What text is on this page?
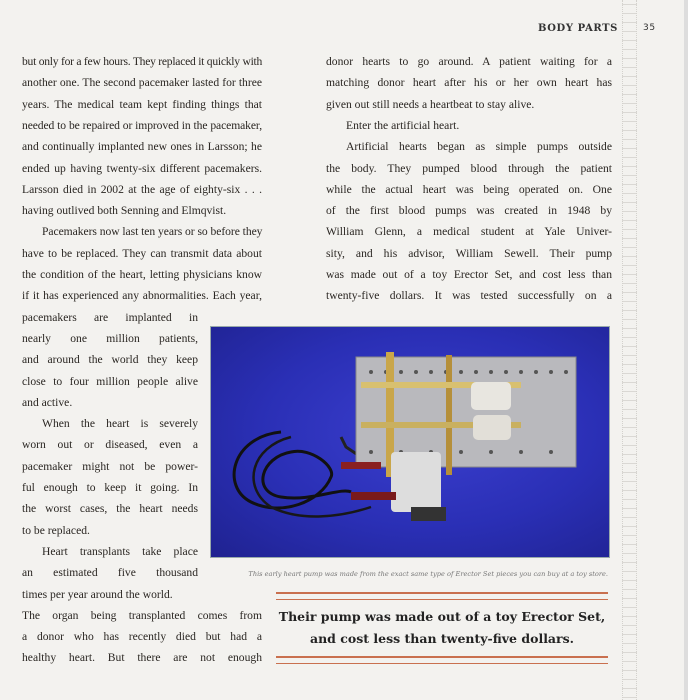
BODY PARTS	35
but only for a few hours. They replaced it quickly with
another one. The second pacemaker lasted for three
years. The medical team kept finding things that
needed to be repaired or improved in the pacemaker,
and continually implanted new ones in Larsson; he
ended up having twenty-six different pacemakers.
Larsson died in 2002 at the age of eighty-six . . .
having outlived both Senning and Elmqvist.
Pacemakers now last ten years or so before they
have to be replaced. They can transmit data about
the condition of the heart, letting physicians know
if it has experienced any abnormalities. Each year,
pacemakers are implanted in
nearly one million patients,
and around the world they keep
close to four million people alive
and active.
When the heart is severely
worn out or diseased, even a
pacemaker might not be power-
ful enough to keep it going. In
the worst cases, the heart needs
to be replaced.
Heart transplants take place
an estimated five thousand
times per year around the world.
The organ being transplanted comes from
a donor who has recently died but had a
healthy heart. But there are not enough
donor hearts to go around. A patient waiting for a
matching donor heart after his or her own heart has
given out still needs a heartbeat to stay alive.
Enter the artificial heart.
Artificial hearts began as simple pumps outside
the body. They pumped blood through the patient
while the actual heart was being operated on. One
of the first blood pumps was created in 1948 by
William Glenn, a medical student at Yale Univer-
sity, and his advisor, William Sewell. Their pump
was made out of a toy Erector Set, and cost less than
twenty-five dollars. It was tested successfully on a
This early heart pump was made from the exact same type of Erector Set pieces you can buy at a toy store.
Their pump was made out of a toy Erector Set,
and cost less than twenty-five dollars.
